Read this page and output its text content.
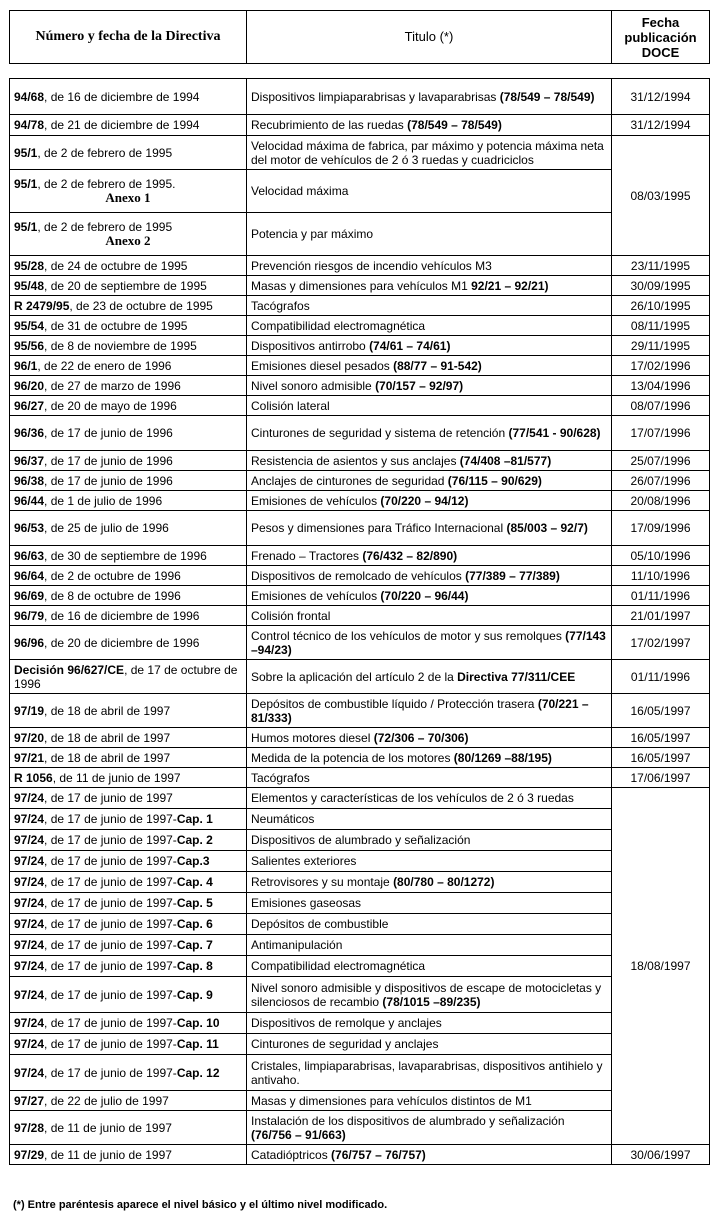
Número y fecha de la Directiva	Titulo (*)	Fecha
publicación
DOCE
94/68, de 16 de diciembre de 1994	Dispositivos limpiaparabrisas y lavaparabrisas (78/549 – 78/549)	31/12/1994	
94/78, de 21 de diciembre de 1994	Recubrimiento de las ruedas (78/549 – 78/549)	31/12/1994	
95/1, de 2 de febrero de 1995	Velocidad máxima de fabrica, par máximo y potencia máxima neta del motor de vehículos de 2 ó 3 ruedas y cuadriciclos	08/03/1995	
95/1, de 2 de febrero de 1995.
Anexo 1	Velocidad máxima		
95/1, de 2 de febrero de 1995
Anexo 2	Potencia y par máximo		
95/28, de 24 de octubre de 1995	Prevención riesgos de incendio vehículos M3	23/11/1995	
95/48, de 20 de septiembre de 1995	Masas y dimensiones para vehículos M1 92/21 – 92/21)	30/09/1995	
R 2479/95, de 23 de octubre de 1995	Tacógrafos	26/10/1995	
95/54, de 31 de octubre de 1995	Compatibilidad electromagnética	08/11/1995	
95/56, de 8 de noviembre de 1995	Dispositivos antirrobo (74/61 – 74/61)	29/11/1995	
96/1, de 22 de enero de 1996	Emisiones diesel pesados (88/77 – 91-542)	17/02/1996	
96/20, de 27 de marzo de 1996	Nivel sonoro admisible (70/157 – 92/97)	13/04/1996	
96/27, de 20 de mayo de 1996	Colisión lateral	08/07/1996	
96/36, de 17 de junio de 1996	Cinturones de seguridad y sistema de retención (77/541 - 90/628)	17/07/1996	
96/37, de 17 de junio de 1996	Resistencia de asientos y sus anclajes (74/408 –81/577)	25/07/1996	
96/38, de 17 de junio de 1996	Anclajes de cinturones de seguridad (76/115 – 90/629)	26/07/1996	
96/44, de 1 de julio de 1996	Emisiones de vehículos (70/220 – 94/12)	20/08/1996	
96/53, de 25 de julio de 1996	Pesos y dimensiones para Tráfico Internacional (85/003 – 92/7)	17/09/1996	
96/63, de 30 de septiembre de 1996	Frenado – Tractores (76/432 – 82/890)	05/10/1996	
96/64, de 2 de octubre de 1996	Dispositivos de remolcado de vehículos (77/389 – 77/389)	11/10/1996	
96/69, de 8 de octubre de 1996	Emisiones de vehículos (70/220 – 96/44)	01/11/1996	
96/79, de 16 de diciembre de 1996	Colisión frontal	21/01/1997	
96/96, de 20 de diciembre de 1996	Control técnico de los vehículos de motor y sus remolques (77/143 –94/23)	17/02/1997	
Decisión 96/627/CE, de 17 de octubre de 1996	Sobre la aplicación del artículo 2 de la Directiva 77/311/CEE	01/11/1996	
97/19, de 18 de abril de 1997	Depósitos de combustible líquido / Protección trasera (70/221 – 81/333)	16/05/1997	
97/20, de 18 de abril de 1997	Humos motores diesel (72/306 – 70/306)	16/05/1997	
97/21, de 18 de abril de 1997	Medida de la potencia de los motores (80/1269 –88/195)	16/05/1997	
R 1056, de 11 de junio de 1997	Tacógrafos	17/06/1997	
97/24, de 17 de junio de 1997	Elementos y características de los vehículos de 2 ó 3 ruedas	18/08/1997	
97/24, de 17 de junio de 1997-Cap. 1	Neumáticos		
97/24, de 17 de junio de 1997-Cap. 2	Dispositivos de alumbrado y señalización		
97/24, de 17 de junio de 1997-Cap.3	Salientes exteriores		
97/24, de 17 de junio de 1997-Cap. 4	Retrovisores y su montaje (80/780 – 80/1272)		
97/24, de 17 de junio de 1997-Cap. 5	Emisiones gaseosas		
97/24, de 17 de junio de 1997-Cap. 6	Depósitos de combustible		
97/24, de 17 de junio de 1997-Cap. 7	Antimanipulación		
97/24, de 17 de junio de 1997-Cap. 8	Compatibilidad electromagnética		
97/24, de 17 de junio de 1997-Cap. 9	Nivel sonoro admisible y dispositivos de escape de motocicletas y silenciosos de recambio (78/1015 –89/235)		
97/24, de 17 de junio de 1997-Cap. 10	Dispositivos de remolque y anclajes		
97/24, de 17 de junio de 1997-Cap. 11	Cinturones de seguridad y anclajes		
97/24, de 17 de junio de 1997-Cap. 12	Cristales, limpiaparabrisas, lavaparabrisas, dispositivos antihielo y antivaho.		
97/27, de 22 de julio de 1997	Masas y dimensiones para vehículos distintos de M1	
97/28, de 11 de junio de 1997	Instalación de los dispositivos de alumbrado y señalización (76/756 – 91/663)	
97/29, de 11 de junio de 1997	Catadióptricos (76/757 – 76/757)	30/06/1997	
(*) Entre paréntesis aparece el nivel básico y el último nivel modificado.
